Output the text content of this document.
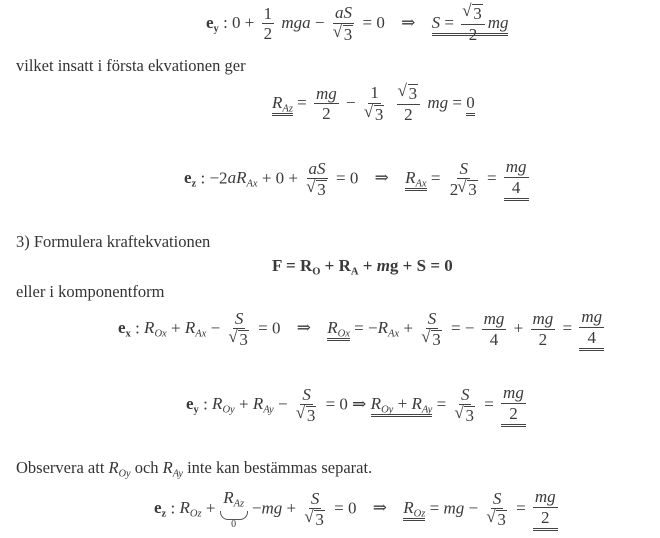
$e_y$ : $0 + \frac{1}{2}$ mga − aS
√ 3 = 0 ⇒ S = √ $\frac{3}{2}$ mg
vilket insatt i första ekvationen ger
$R_{Az} = \frac{mg}{2} - 1$
√ 3
√ $\frac{3}{2}$ mg = 0
$e_z$ : $-2aR_{Ax} + 0$ + aS
√ 3 = 0 ⇒ $R_{Ax} = \frac{S}{2 √ 3} = \frac{mg}{4}$
3) Formulera kraftekvationen
$F = R_O + R_A$ + mg + S = 0
eller i komponentform
$e_x$ : $R_{Ox} + R_{Ax} - S$
√ 3 = 0 ⇒ $R_{Ox} = -R_{Ax} + S$
√ 3 = − $\frac{mg}{4} + \frac{mg}{2} = \frac{mg}{4}$
$e_y$ : $R_{Oy} + R_{Ay} - S$
√ 3 = 0 ⇒ $R_{Oy} + R_{Ay} = S$
√ $3 = \frac{mg}{2}$
Observera att $R_{Oy}$ och $R_{Ay}$ inte kan bestämmas separat.
$e_z$ : $R_{Oz}$ +
$R_{Az}$
0
−mg + S
√ 3 = 0 ⇒ $R_{Oz}$ = mg − S
√ $3 = \frac{mg}{2}$
